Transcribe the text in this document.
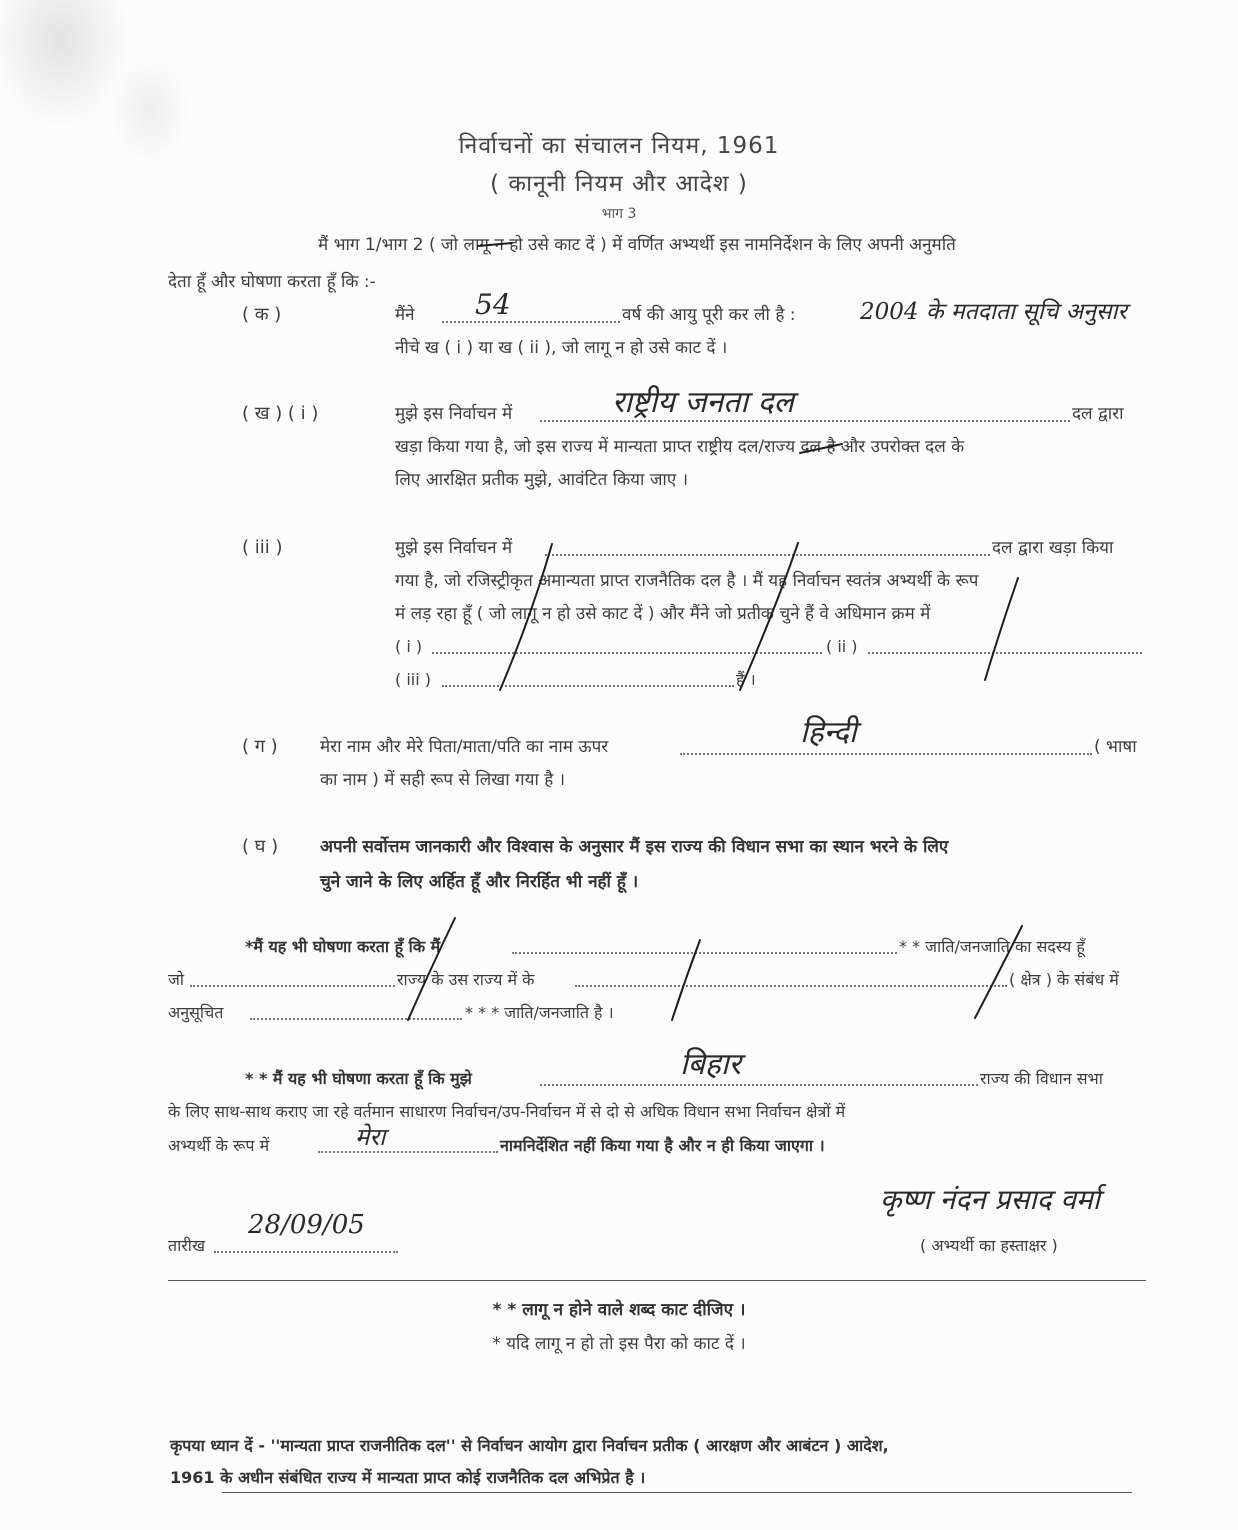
निर्वाचनों का संचालन नियम, 1961
( कानूनी नियम और आदेश )
भाग 3
मैं भाग 1/भाग 2 ( जो लागू न हो उसे काट दें ) में वर्णित अभ्यर्थी इस नामनिर्देशन के लिए अपनी अनुमति
देता हूँ और घोषणा करता हूँ कि :-
( क )	मैंने 54	वर्ष की आयु पूरी कर ली है :	2004 के मतदाता सूचि अनुसार
नीचे ख ( i ) या ख ( ii ), जो लागू न हो उसे काट दें ।
( ख ) ( i )	मुझे इस निर्वाचन में	राष्ट्रीय जनता दल	दल द्वारा
खड़ा किया गया है, जो इस राज्य में मान्यता प्राप्त राष्ट्रीय दल/राज्य दल है और उपरोक्त दल के
लिए आरक्षित प्रतीक मुझे, आवंटित किया जाए ।
( iii )	मुझे इस निर्वाचन में	दल द्वारा खड़ा किया
गया है, जो रजिस्ट्रीकृत अमान्यता प्राप्त राजनैतिक दल है । मैं यह निर्वाचन स्वतंत्र अभ्यर्थी के रूप
मं लड़ रहा हूँ ( जो लागू न हो उसे काट दें ) और मैंने जो प्रतीक चुने हैं वे अधिमान क्रम में
( i )	( ii )
( iii )	हैं ।
( ग ) मेरा नाम और मेरे पिता/माता/पति का नाम ऊपर	हिन्दी	( भाषा
का नाम ) में सही रूप से लिखा गया है ।
( घ ) अपनी सर्वोत्तम जानकारी और विश्वास के अनुसार मैं इस राज्य की विधान सभा का स्थान भरने के लिए
चुने जाने के लिए अर्हित हूँ और निरर्हित भी नहीं हूँ ।
*मैं यह भी घोषणा करता हूँ कि मैं	* * जाति/जनजाति का सदस्य हूँ
जो	राज्य के उस राज्य में के	( क्षेत्र ) के संबंध में
अनुसूचित	* * * जाति/जनजाति है ।
* * मैं यह भी घोषणा करता हूँ कि मुझे	बिहार	राज्य की विधान सभा
के लिए साथ-साथ कराए जा रहे वर्तमान साधारण निर्वाचन/उप-निर्वाचन में से दो से अधिक विधान सभा निर्वाचन क्षेत्रों में
अभ्यर्थी के रूप में	मेरा	नामनिर्देशित नहीं किया गया है और न ही किया जाएगा ।
कृष्ण नंदन प्रसाद वर्मा
( अभ्यर्थी का हस्ताक्षर )
तारीख
28/09/05
* * लागू न होने वाले शब्द काट दीजिए ।
* यदि लागू न हो तो इस पैरा को काट दें ।
कृपया ध्यान दें - ''मान्यता प्राप्त राजनीतिक दल'' से निर्वाचन आयोग द्वारा निर्वाचन प्रतीक ( आरक्षण और आबंटन ) आदेश,
1961 के अधीन संबंधित राज्य में मान्यता प्राप्त कोई राजनैतिक दल अभिप्रेत है ।
